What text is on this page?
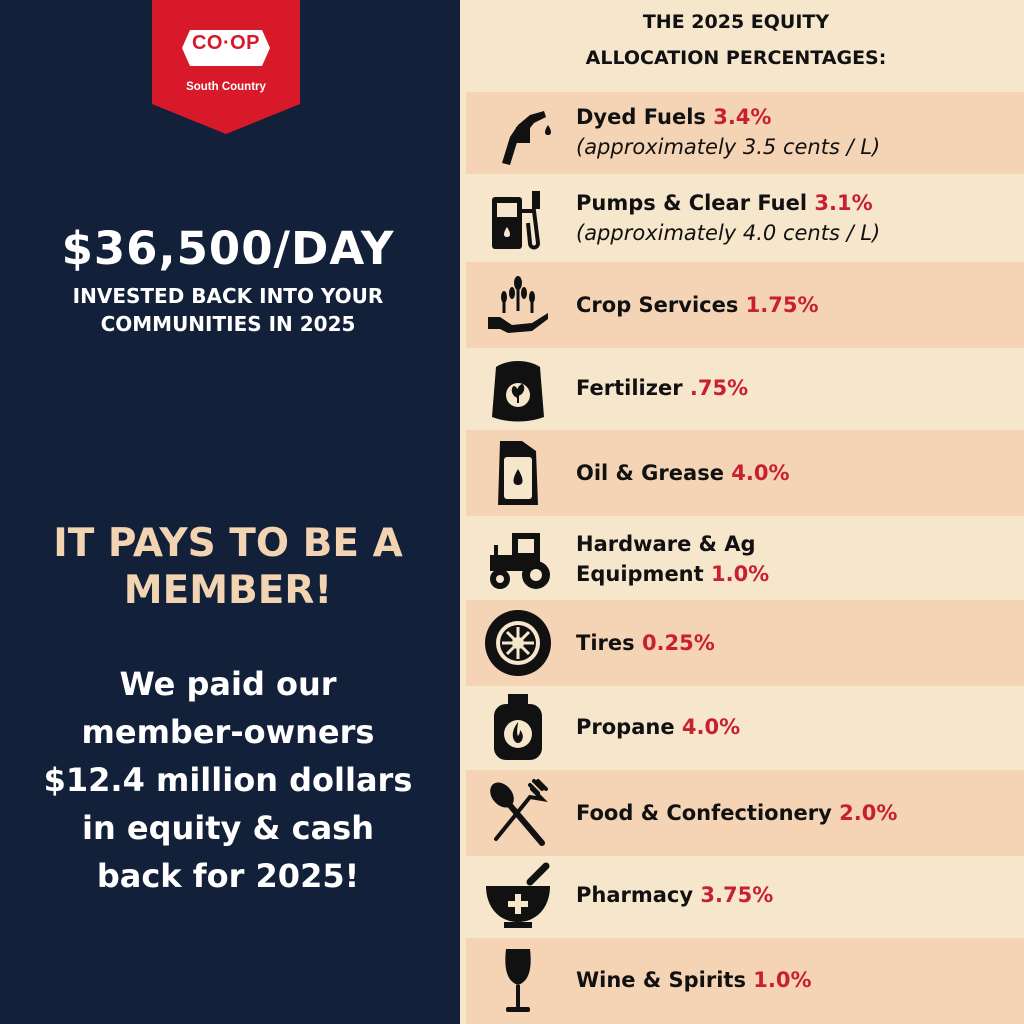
CO·OP
South Country
$36,500/DAY
INVESTED BACK INTO YOUR
COMMUNITIES IN 2025
IT PAYS TO BE A
MEMBER!
We paid our
member-owners
$12.4 million dollars
in equity & cash
back for 2025!
THE 2025 EQUITY
ALLOCATION PERCENTAGES:
Dyed Fuels 3.4%
(approximately 3.5 cents / L)
Pumps & Clear Fuel 3.1%
(approximately 4.0 cents / L)
Crop Services 1.75%
Fertilizer .75%
Oil & Grease 4.0%
Hardware & Ag
Equipment 1.0%
Tires 0.25%
Propane 4.0%
Food & Confectionery 2.0%
Pharmacy 3.75%
Wine & Spirits 1.0%
